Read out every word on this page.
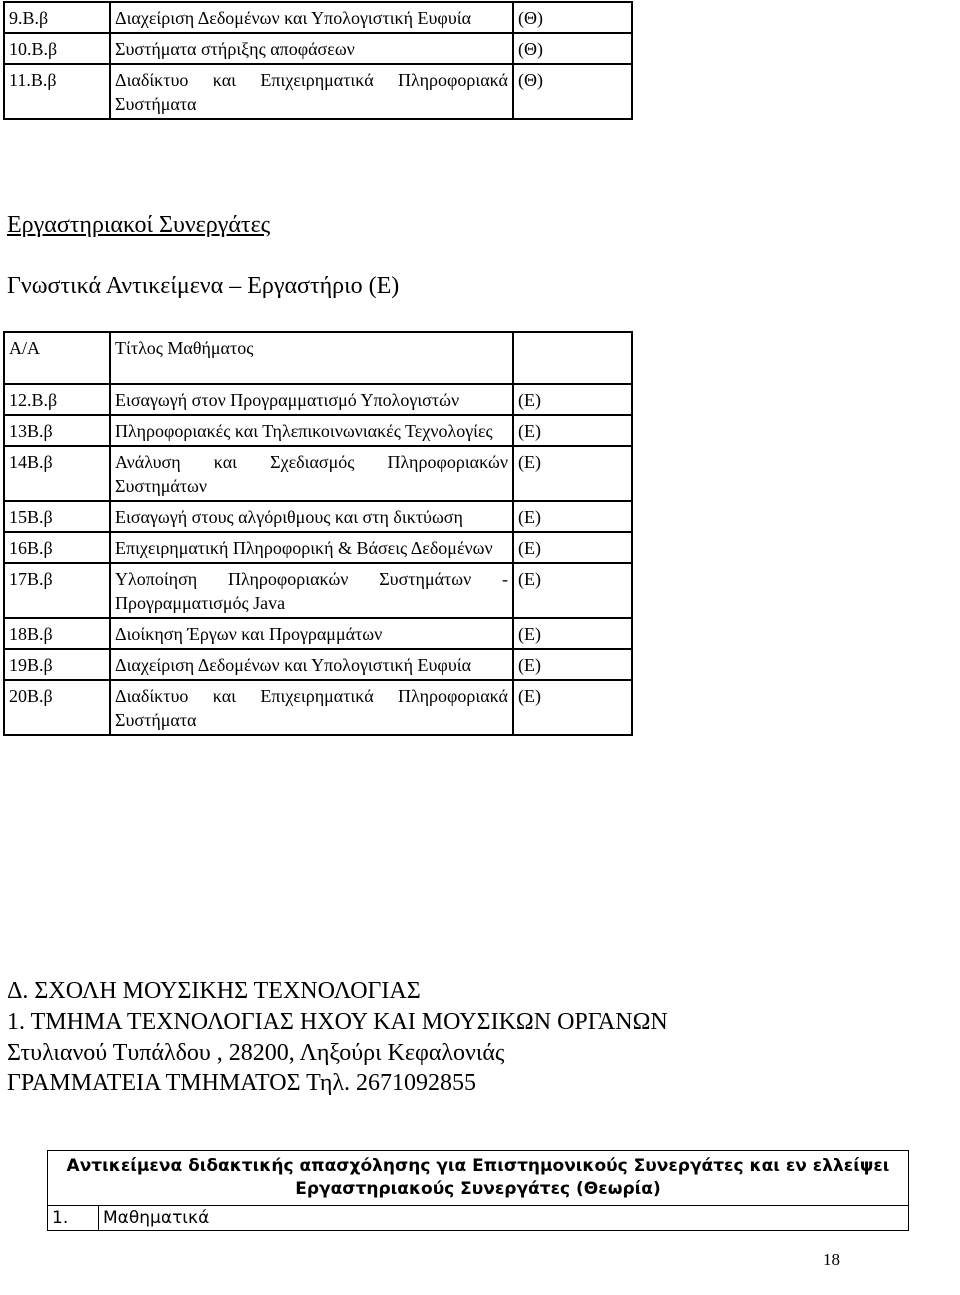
9.Β.β	Διαχείριση Δεδομένων και Υπολογιστική Ευφυία	(Θ)
10.Β.β	Συστήματα στήριξης αποφάσεων	(Θ)
11.Β.β	Διαδίκτυο και Επιχειρηματικά Πληροφοριακά Συστήματα	(Θ)
Εργαστηριακοί Συνεργάτες
Γνωστικά Αντικείμενα – Εργαστήριο (Ε)
Α/Α	Τίτλος Μαθήματος	
12.Β.β	Εισαγωγή στον Προγραμματισμό Υπολογιστών	(Ε)
13Β.β	Πληροφοριακές και Τηλεπικοινωνιακές Τεχνολογίες	(Ε)
14Β.β	Ανάλυση και Σχεδιασμός Πληροφοριακών Συστημάτων	(Ε)
15Β.β	Εισαγωγή στους αλγόριθμους και στη δικτύωση	(Ε)
16Β.β	Επιχειρηματική Πληροφορική & Βάσεις Δεδομένων	(Ε)
17Β.β	Υλοποίηση Πληροφοριακών Συστημάτων - Προγραμματισμός Java	(Ε)
18Β.β	Διοίκηση Έργων και Προγραμμάτων	(Ε)
19Β.β	Διαχείριση Δεδομένων και Υπολογιστική Ευφυία	(Ε)
20Β.β	Διαδίκτυο και Επιχειρηματικά Πληροφοριακά Συστήματα	(Ε)
Δ. ΣΧΟΛΗ ΜΟΥΣΙΚΗΣ ΤΕΧΝΟΛΟΓΙΑΣ
1. ΤΜΗΜΑ ΤΕΧΝΟΛΟΓΙΑΣ ΗΧΟΥ ΚΑΙ ΜΟΥΣΙΚΩΝ ΟΡΓΑΝΩΝ
Στυλιανού Τυπάλδου , 28200, Ληξούρι Κεφαλονιάς
ΓΡΑΜΜΑΤΕΙΑ ΤΜΗΜΑΤΟΣ Τηλ. 2671092855
Αντικείμενα διδακτικής απασχόλησης για Επιστημονικούς Συνεργάτες και εν ελλείψει Εργαστηριακούς Συνεργάτες (Θεωρία)
1.	Μαθηματικά
18
